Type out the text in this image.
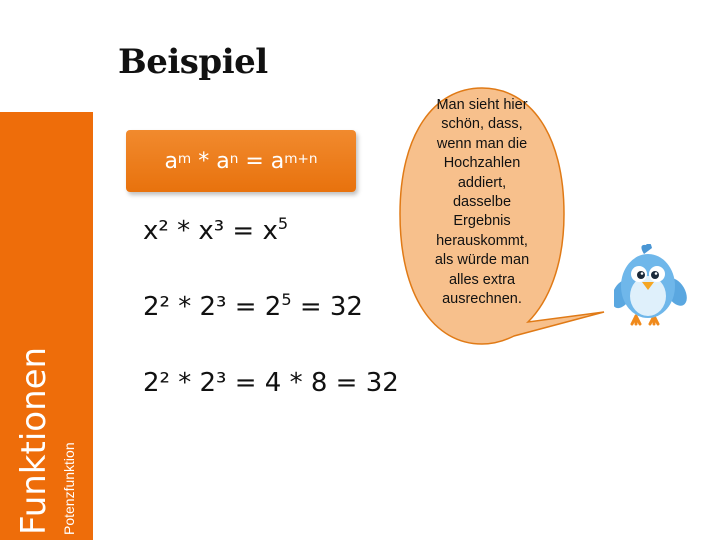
Beispiel
Funktionen Potenzfunktion
$a^m * a^n = a^{m+n}$
$x^2 * x^3 = x^5$
$2^2 * 2^3 = 2^5 = 32$
2² * 2³ = 4 * 8 = 32
Man sieht hier
schön, dass,
wenn man die
Hochzahlen
addiert,
dasselbe
Ergebnis
herauskommt,
als würde man
alles extra
ausrechnen.
